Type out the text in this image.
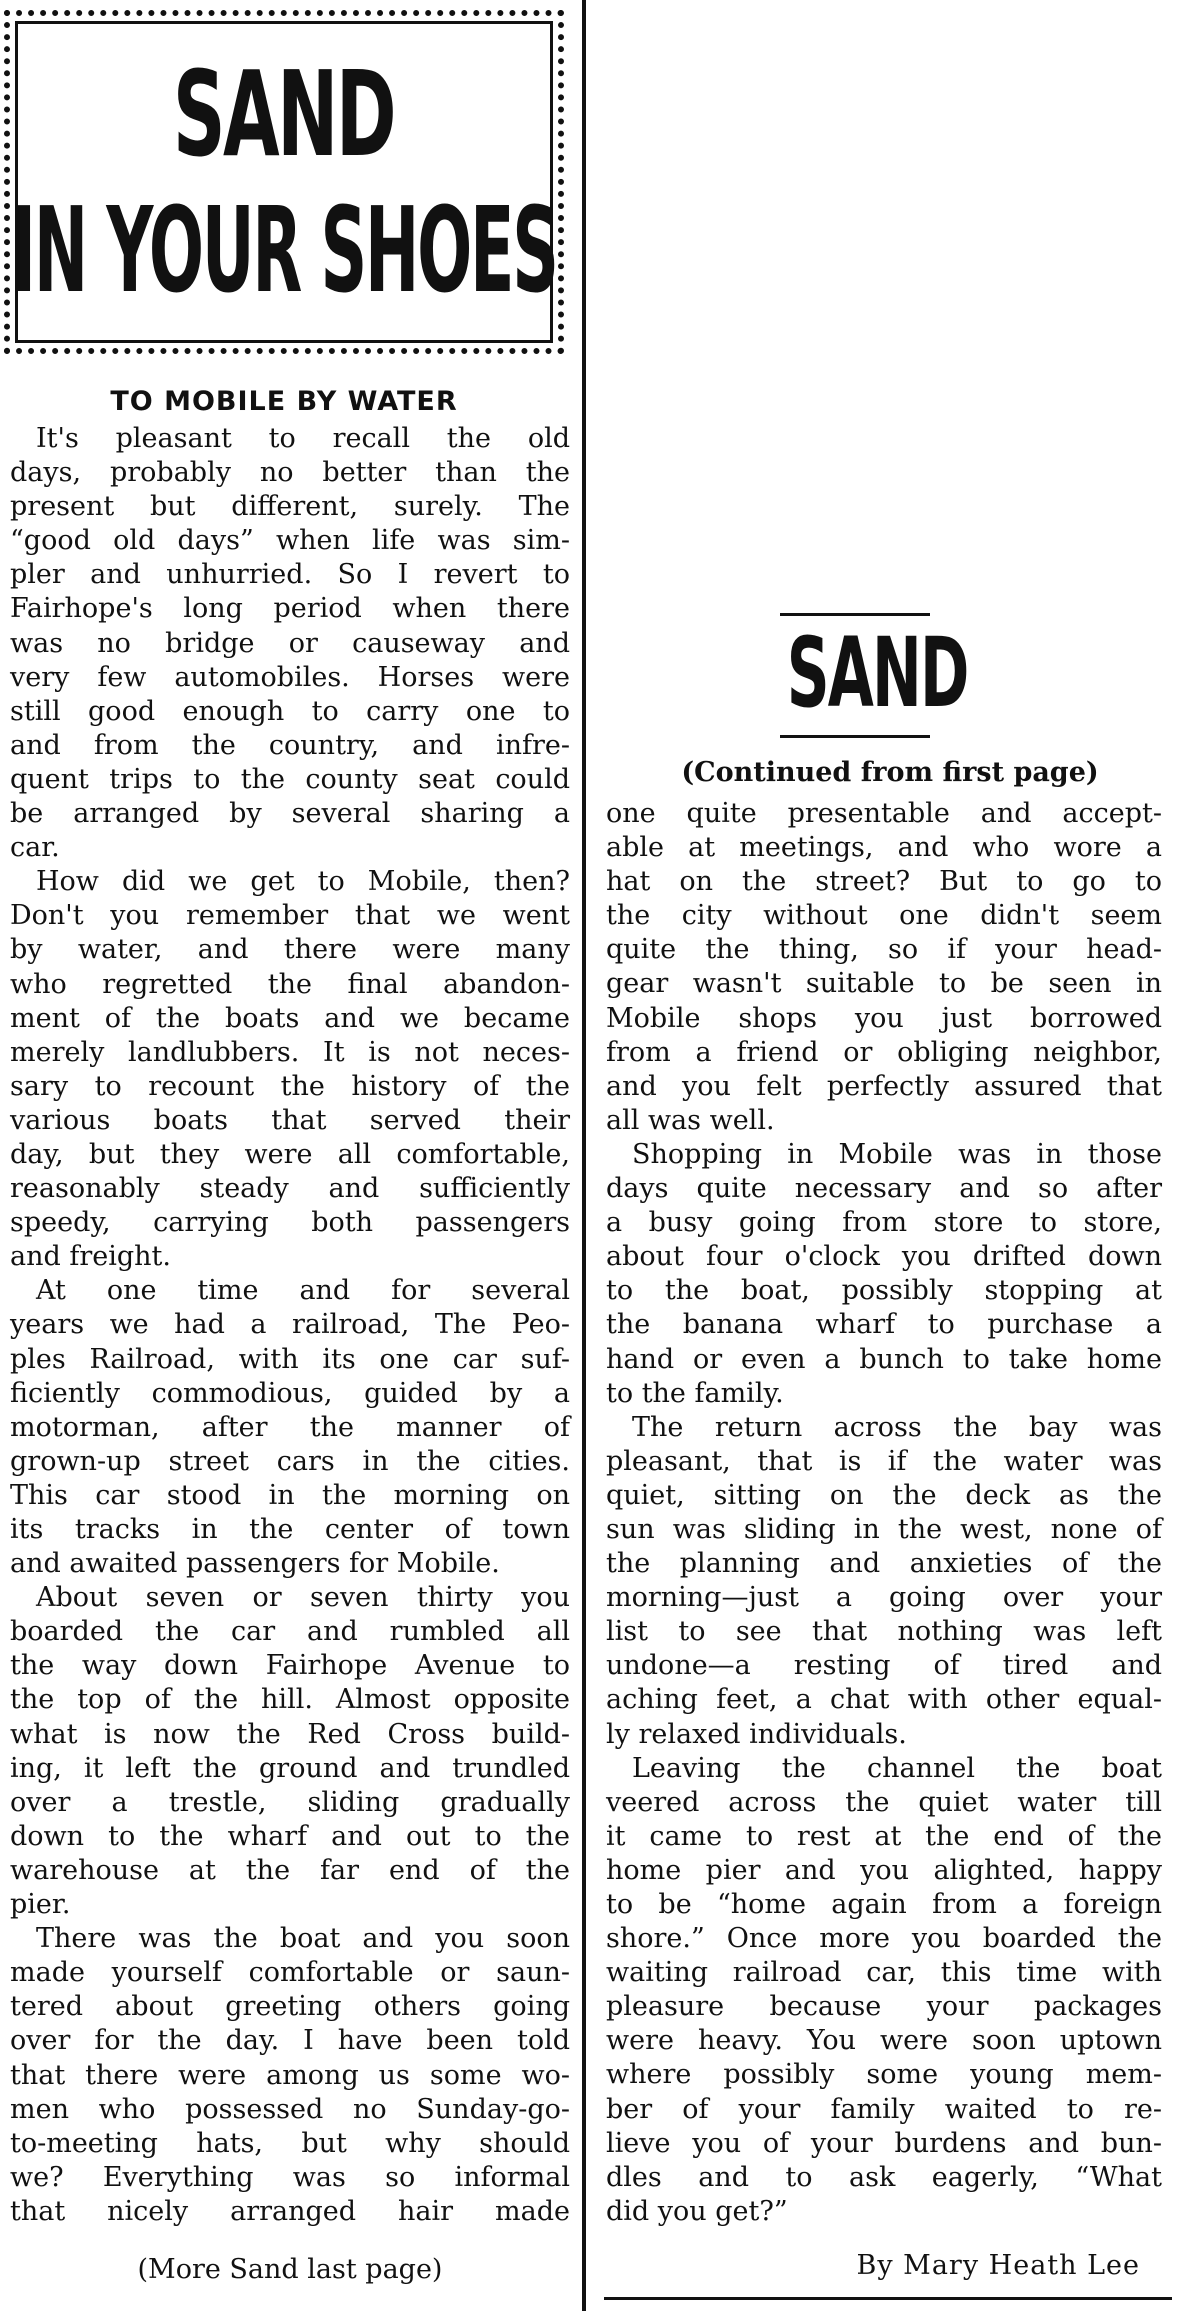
SAND
IN YOUR SHOES
TO MOBILE BY WATER
It's pleasant to recall the old
days, probably no better than the
present but different, surely. The
“good old days” when life was sim-
pler and unhurried. So I revert to
Fairhope's long period when there
was no bridge or causeway and
very few automobiles. Horses were
still good enough to carry one to
and from the country, and infre-
quent trips to the county seat could
be arranged by several sharing a
car.
How did we get to Mobile, then?
Don't you remember that we went
by water, and there were many
who regretted the final abandon-
ment of the boats and we became
merely landlubbers. It is not neces-
sary to recount the history of the
various boats that served their
day, but they were all comfortable,
reasonably steady and sufficiently
speedy, carrying both passengers
and freight.
At one time and for several
years we had a railroad, The Peo-
ples Railroad, with its one car suf-
ficiently commodious, guided by a
motorman, after the manner of
grown-up street cars in the cities.
This car stood in the morning on
its tracks in the center of town
and awaited passengers for Mobile.
About seven or seven thirty you
boarded the car and rumbled all
the way down Fairhope Avenue to
the top of the hill. Almost opposite
what is now the Red Cross build-
ing, it left the ground and trundled
over a trestle, sliding gradually
down to the wharf and out to the
warehouse at the far end of the
pier.
There was the boat and you soon
made yourself comfortable or saun-
tered about greeting others going
over for the day. I have been told
that there were among us some wo-
men who possessed no Sunday-go-
to-meeting hats, but why should
we? Everything was so informal
that nicely arranged hair made
(More Sand last page)
SAND
(Continued from first page)
one quite presentable and accept-
able at meetings, and who wore a
hat on the street? But to go to
the city without one didn't seem
quite the thing, so if your head-
gear wasn't suitable to be seen in
Mobile shops you just borrowed
from a friend or obliging neighbor,
and you felt perfectly assured that
all was well.
Shopping in Mobile was in those
days quite necessary and so after
a busy going from store to store,
about four o'clock you drifted down
to the boat, possibly stopping at
the banana wharf to purchase a
hand or even a bunch to take home
to the family.
The return across the bay was
pleasant, that is if the water was
quiet, sitting on the deck as the
sun was sliding in the west, none of
the planning and anxieties of the
morning—just a going over your
list to see that nothing was left
undone—a resting of tired and
aching feet, a chat with other equal-
ly relaxed individuals.
Leaving the channel the boat
veered across the quiet water till
it came to rest at the end of the
home pier and you alighted, happy
to be “home again from a foreign
shore.” Once more you boarded the
waiting railroad car, this time with
pleasure because your packages
were heavy. You were soon uptown
where possibly some young mem-
ber of your family waited to re-
lieve you of your burdens and bun-
dles and to ask eagerly, “What
did you get?”
By Mary Heath Lee
